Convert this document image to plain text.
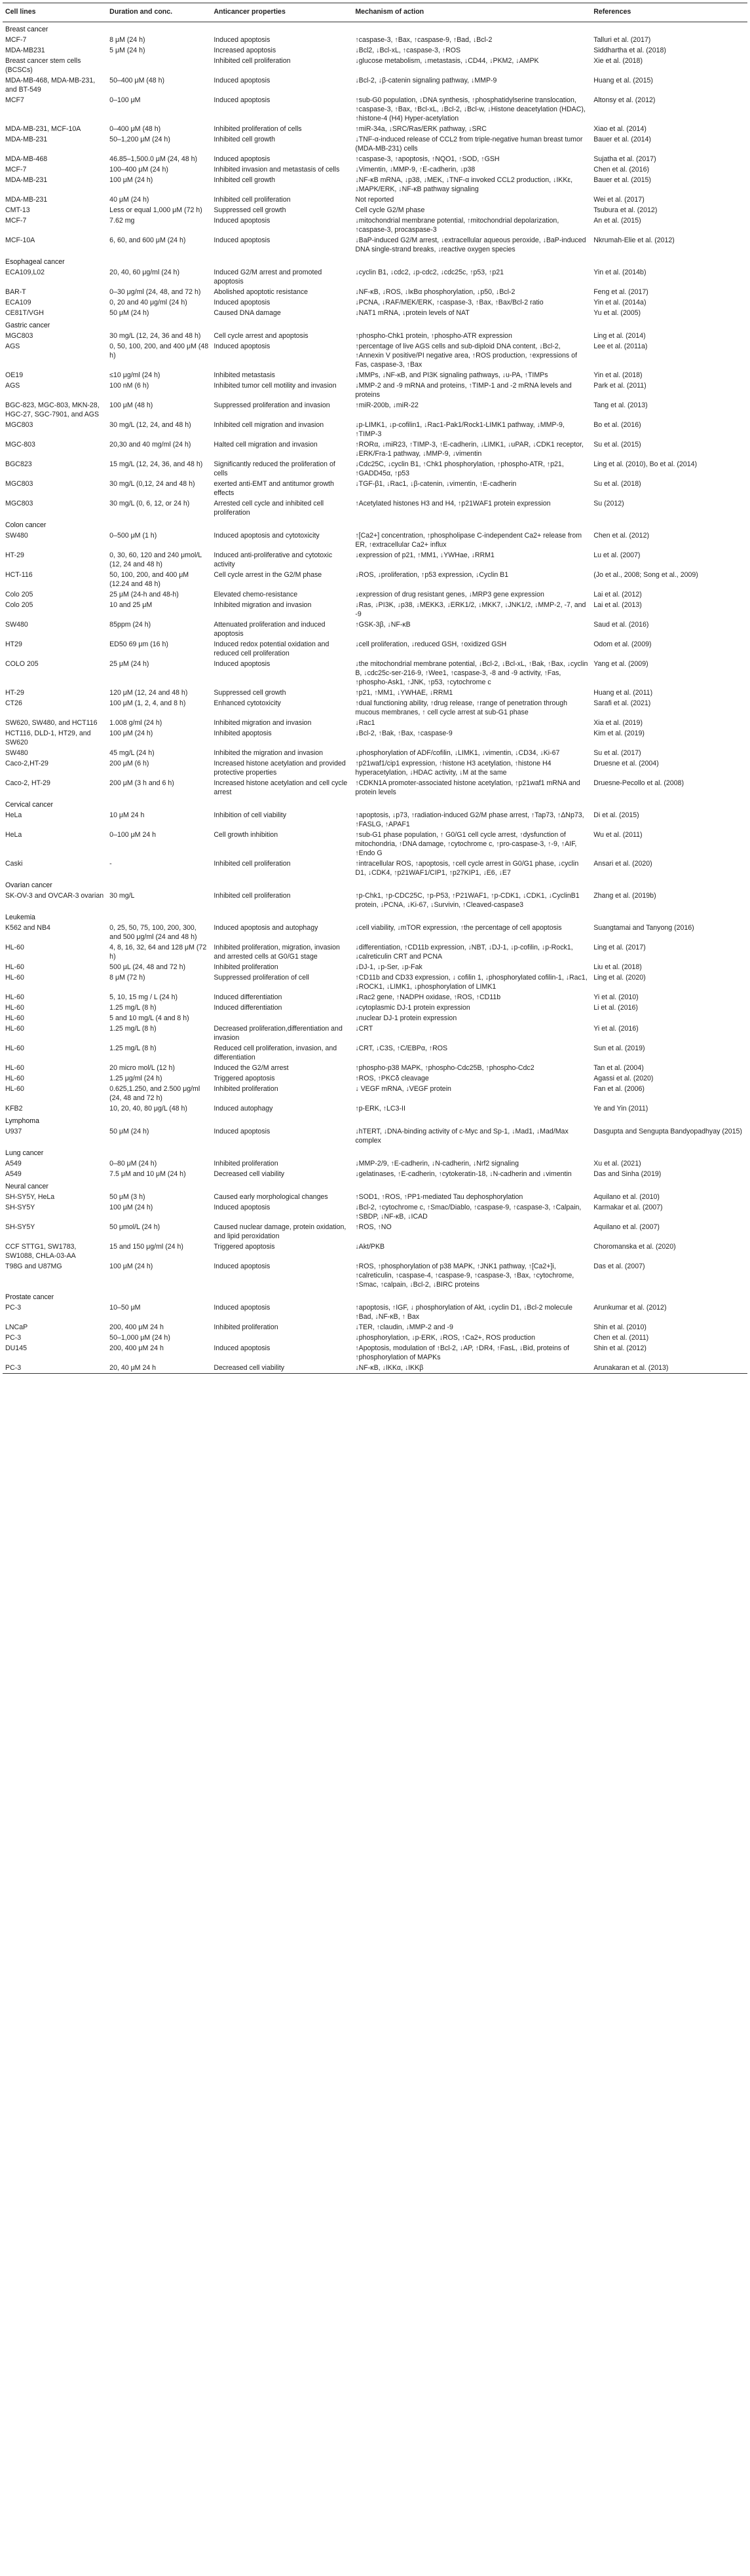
Cell lines	Duration and conc.	Anticancer properties	Mechanism of action	References
Breast cancer				
MCF-7	8 μM (24 h)	Induced apoptosis	↑caspase-3, ↑Bax, ↑caspase-9, ↑Bad, ↓Bcl-2	Talluri et al. (2017)
MDA-MB231	5 μM (24 h)	Increased apoptosis	↓Bcl2, ↓Bcl-xL, ↑caspase-3, ↑ROS	Siddhartha et al. (2018)
Breast cancer stem cells (BCSCs)		Inhibited cell proliferation	↓glucose metabolism, ↓metastasis, ↓CD44, ↓PKM2, ↓AMPK	Xie et al. (2018)
MDA-MB-468, MDA-MB-231, and BT-549	50–400 μM (48 h)	Induced apoptosis	↓Bcl-2, ↓β-catenin signaling pathway, ↓MMP-9	Huang et al. (2015)
MCF7	0–100 μM	Induced apoptosis	↑sub-G0 population, ↓DNA synthesis, ↑phosphatidylserine translocation, ↑caspase-3, ↑Bax, ↑Bcl-xL, ↓Bcl-2, ↓Bcl-w, ↓Histone deacetylation (HDAC), ↑histone-4 (H4) Hyper-acetylation	Altonsy et al. (2012)
MDA-MB-231, MCF-10A	0–400 μM (48 h)	Inhibited proliferation of cells	↑miR-34a, ↓SRC/Ras/ERK pathway, ↓SRC	Xiao et al. (2014)
MDA-MB-231	50–1,200 μM (24 h)	Inhibited cell growth	↓TNF-α-induced release of CCL2 from triple-negative human breast tumor (MDA-MB-231) cells	Bauer et al. (2014)
MDA-MB-468	46.85–1,500.0 μM (24, 48 h)	Induced apoptosis	↑caspase-3, ↑apoptosis, ↑NQO1, ↑SOD, ↑GSH	Sujatha et al. (2017)
MCF-7	100–400 μM (24 h)	Inhibited invasion and metastasis of cells	↓Vimentin, ↓MMP-9, ↑E-cadherin, ↓p38	Chen et al. (2016)
MDA-MB-231	100 μM (24 h)	Inhibited cell growth	↓NF-κB mRNA, ↓p38, ↓MEK, ↓TNF-α invoked CCL2 production, ↓IKKε, ↓MAPK/ERK, ↓NF-κB pathway signaling	Bauer et al. (2015)
MDA-MB-231	40 μM (24 h)	Inhibited cell proliferation	Not reported	Wei et al. (2017)
CMT-13	Less or equal 1,000 μM (72 h)	Suppressed cell growth	Cell cycle G2/M phase	Tsubura et al. (2012)
MCF-7	7.62 mg	Induced apoptosis	↓mitochondrial membrane potential, ↑mitochondrial depolarization, ↑caspase-3, procaspase-3	An et al. (2015)
MCF-10A	6, 60, and 600 μM (24 h)	Induced apoptosis	↓BaP-induced G2/M arrest, ↓extracellular aqueous peroxide, ↓BaP-induced DNA single-strand breaks, ↓reactive oxygen species	Nkrumah-Elie et al. (2012)
Esophageal cancer				
ECA109,L02	20, 40, 60 μg/ml (24 h)	Induced G2/M arrest and promoted apoptosis	↓cyclin B1, ↓cdc2, ↓p-cdc2, ↓cdc25c, ↑p53, ↑p21	Yin et al. (2014b)
BAR-T	0–30 μg/ml (24, 48, and 72 h)	Abolished apoptotic resistance	↓NF-κB, ↓ROS, ↓IκBα phosphorylation, ↓p50, ↓Bcl-2	Feng et al. (2017)
ECA109	0, 20 and 40 μg/ml (24 h)	Induced apoptosis	↓PCNA, ↓RAF/MEK/ERK, ↑caspase-3, ↑Bax, ↑Bax/Bcl-2 ratio	Yin et al. (2014a)
CE81T/VGH	50 μM (24 h)	Caused DNA damage	↓NAT1 mRNA, ↓protein levels of NAT	Yu et al. (2005)
Gastric cancer				
MGC803	30 mg/L (12, 24, 36 and 48 h)	Cell cycle arrest and apoptosis	↑phospho-Chk1 protein, ↑phospho-ATR expression	Ling et al. (2014)
AGS	0, 50, 100, 200, and 400 μM (48 h)	Induced apoptosis	↑percentage of live AGS cells and sub-diploid DNA content, ↓Bcl-2, ↑Annexin V positive/PI negative area, ↑ROS production, ↑expressions of Fas, caspase-3, ↑Bax	Lee et al. (2011a)
OE19	≤10 μg/ml (24 h)	Inhibited metastasis	↓MMPs, ↓NF-κB, and PI3K signaling pathways, ↓u-PA, ↑TIMPs	Yin et al. (2018)
AGS	100 nM (6 h)	Inhibited tumor cell motility and invasion	↓MMP-2 and -9 mRNA and proteins, ↑TIMP-1 and -2 mRNA levels and proteins	Park et al. (2011)
BGC-823, MGC-803, MKN-28, HGC-27, SGC-7901, and AGS	100 μM (48 h)	Suppressed proliferation and invasion	↑miR-200b, ↓miR-22	Tang et al. (2013)
MGC803	30 mg/L (12, 24, and 48 h)	Inhibited cell migration and invasion	↓p-LIMK1, ↓p-cofilin1, ↓Rac1-Pak1/Rock1-LIMK1 pathway, ↓MMP-9, ↑TIMP-3	Bo et al. (2016)
MGC-803	20,30 and 40 mg/ml (24 h)	Halted cell migration and invasion	↑RORα, ↓miR23, ↑TIMP-3, ↑E-cadherin, ↓LIMK1, ↓uPAR, ↓CDK1 receptor, ↓ERK/Fra-1 pathway, ↓MMP-9, ↓vimentin	Su et al. (2015)
BGC823	15 mg/L (12, 24, 36, and 48 h)	Significantly reduced the proliferation of cells	↓Cdc25C, ↓cyclin B1, ↑Chk1 phosphorylation, ↑phospho-ATR, ↑p21, ↑GADD45α, ↑p53	Ling et al. (2010), Bo et al. (2014)
MGC803	30 mg/L (0,12, 24 and 48 h)	exerted anti-EMT and antitumor growth effects	↓TGF-β1, ↓Rac1, ↓β-catenin, ↓vimentin, ↑E-cadherin	Su et al. (2018)
MGC803	30 mg/L (0, 6, 12, or 24 h)	Arrested cell cycle and inhibited cell proliferation	↑Acetylated histones H3 and H4, ↑p21WAF1 protein expression	Su (2012)
Colon cancer				
SW480	0–500 μM (1 h)	Induced apoptosis and cytotoxicity	↑[Ca2+] concentration, ↑phospholipase C-independent Ca2+ release from ER, ↑extracellular Ca2+ influx	Chen et al. (2012)
HT-29	0, 30, 60, 120 and 240 μmol/L (12, 24 and 48 h)	Induced anti-proliferative and cytotoxic activity	↓expression of p21, ↑MM1, ↓YWHae, ↓RRM1	Lu et al. (2007)
HCT-116	50, 100, 200, and 400 μM (12.24 and 48 h)	Cell cycle arrest in the G2/M phase	↓ROS, ↓proliferation, ↑p53 expression, ↓Cyclin B1	(Jo et al., 2008; Song et al., 2009)
Colo 205	25 μM (24-h and 48-h)	Elevated chemo-resistance	↓expression of drug resistant genes, ↓MRP3 gene expression	Lai et al. (2012)
Colo 205	10 and 25 μM	Inhibited migration and invasion	↓Ras, ↓PI3K, ↓p38, ↓MEKK3, ↓ERK1/2, ↓MKK7, ↓JNK1/2, ↓MMP-2, -7, and -9	Lai et al. (2013)
SW480	85ppm (24 h)	Attenuated proliferation and induced apoptosis	↑GSK-3β, ↓NF-κB	Saud et al. (2016)
HT29	ED50 69 μm (16 h)	Induced redox potential oxidation and reduced cell proliferation	↓cell proliferation, ↓reduced GSH, ↑oxidized GSH	Odom et al. (2009)
COLO 205	25 μM (24 h)	Induced apoptosis	↓the mitochondrial membrane potential, ↓Bcl-2, ↓Bcl-xL, ↑Bak, ↑Bax, ↓cyclin B, ↓cdc25c-ser-216-9, ↑Wee1, ↑caspase-3, -8 and -9 activity, ↑Fas, ↑phospho-Ask1, ↑JNK, ↑p53, ↑cytochrome c	Yang et al. (2009)
HT-29	120 μM (12, 24 and 48 h)	Suppressed cell growth	↑p21, ↑MM1, ↓YWHAE, ↓RRM1	Huang et al. (2011)
CT26	100 μM (1, 2, 4, and 8 h)	Enhanced cytotoxicity	↑dual functioning ability, ↑drug release, ↑range of penetration through mucous membranes, ↑ cell cycle arrest at sub-G1 phase	Sarafi et al. (2021)
SW620, SW480, and HCT116	1.008 g/ml (24 h)	Inhibited migration and invasion	↓Rac1	Xia et al. (2019)
HCT116, DLD-1, HT29, and SW620	100 μM (24 h)	Inhibited apoptosis	↓Bcl-2, ↑Bak, ↑Bax, ↑caspase-9	Kim et al. (2019)
SW480	45 mg/L (24 h)	Inhibited the migration and invasion	↓phosphorylation of ADF/cofilin, ↓LIMK1, ↓vimentin, ↓CD34, ↓Ki-67	Su et al. (2017)
Caco-2,HT-29	200 μM (6 h)	Increased histone acetylation and provided protective properties	↑p21waf1/cip1 expression, ↑histone H3 acetylation, ↑histone H4 hyperacetylation, ↓HDAC activity, ↓M at the same	Druesne et al. (2004)
Caco-2, HT-29	200 μM (3 h and 6 h)	Increased histone acetylation and cell cycle arrest	↑CDKN1A promoter-associated histone acetylation, ↑p21waf1 mRNA and protein levels	Druesne-Pecollo et al. (2008)
Cervical cancer				
HeLa	10 μM 24 h	Inhibition of cell viability	↑apoptosis, ↓p73, ↑radiation-induced G2/M phase arrest, ↑Tap73, ↑ΔNp73, ↑FASLG, ↑APAF1	Di et al. (2015)
HeLa	0–100 μM 24 h	Cell growth inhibition	↑sub-G1 phase population, ↑ G0/G1 cell cycle arrest, ↑dysfunction of mitochondria, ↑DNA damage, ↑cytochrome c, ↑pro-caspase-3, ↑-9, ↑AIF, ↑Endo G	Wu et al. (2011)
Caski	-	Inhibited cell proliferation	↑intracellular ROS, ↑apoptosis, ↑cell cycle arrest in G0/G1 phase, ↓cyclin D1, ↓CDK4, ↑p21WAF1/CIP1, ↑p27KIP1, ↓E6, ↓E7	Ansari et al. (2020)
Ovarian cancer				
SK-OV-3 and OVCAR-3 ovarian	30 mg/L	Inhibited cell proliferation	↑p-Chk1, ↑p-CDC25C, ↑p-P53, ↑P21WAF1, ↑p-CDK1, ↓CDK1, ↓CyclinB1 protein, ↓PCNA, ↓Ki-67, ↓Survivin, ↑Cleaved-caspase3	Zhang et al. (2019b)
Leukemia				
K562 and NB4	0, 25, 50, 75, 100, 200, 300, and 500 μg/ml (24 and 48 h)	Induced apoptosis and autophagy	↓cell viability, ↓mTOR expression, ↑the percentage of cell apoptosis	Suangtamai and Tanyong (2016)
HL-60	4, 8, 16, 32, 64 and 128 μM (72 h)	Inhibited proliferation, migration, invasion and arrested cells at G0/G1 stage	↓differentiation, ↑CD11b expression, ↓NBT, ↓DJ-1, ↓p-cofilin, ↓p-Rock1, ↓calreticulin CRT and PCNA	Ling et al. (2017)
HL-60	500 μL (24, 48 and 72 h)	Inhibited proliferation	↓DJ-1, ↓p-Ser, ↓p-Fak	Liu et al. (2018)
HL-60	8 μM (72 h)	Suppressed proliferation of cell	↑CD11b and CD33 expression, ↓ cofilin 1, ↓phosphorylated cofilin-1, ↓Rac1, ↓ROCK1, ↓LIMK1, ↓phosphorylation of LIMK1	Ling et al. (2020)
HL-60	5, 10, 15 mg / L (24 h)	Induced differentiation	↓Rac2 gene, ↑NADPH oxidase, ↑ROS, ↑CD11b	Yi et al. (2010)
HL-60	1.25 mg/L (8 h)	Induced differentiation	↓cytoplasmic DJ-1 protein expression	Li et al. (2016)
HL-60	5 and 10 mg/L (4 and 8 h)		↓nuclear DJ-1 protein expression	
HL-60	1.25 mg/L (8 h)	Decreased proliferation,differentiation and invasion	↓CRT	Yi et al. (2016)
HL-60	1.25 mg/L (8 h)	Reduced cell proliferation, invasion, and differentiation	↓CRT, ↓C3S, ↑C/EBPα, ↑ROS	Sun et al. (2019)
HL-60	20 micro mol/L (12 h)	Induced the G2/M arrest	↑phospho-p38 MAPK, ↑phospho-Cdc25B, ↑phospho-Cdc2	Tan et al. (2004)
HL-60	1.25 μg/ml (24 h)	Triggered apoptosis	↑ROS, ↑PKCδ cleavage	Agassi et al. (2020)
HL-60	0.625,1.250, and 2.500 μg/ml (24, 48 and 72 h)	Inhibited proliferation	↓ VEGF mRNA, ↓VEGF protein	Fan et al. (2006)
KFB2	10, 20, 40, 80 μg/L (48 h)	Induced autophagy	↑p-ERK, ↑LC3-II	Ye and Yin (2011)
Lymphoma				
U937	50 μM (24 h)	Induced apoptosis	↓hTERT, ↓DNA-binding activity of c-Myc and Sp-1, ↓Mad1, ↓Mad/Max complex	Dasgupta and Sengupta Bandyopadhyay (2015)
Lung cancer				
A549	0–80 μM (24 h)	Inhibited proliferation	↓MMP-2/9, ↑E-cadherin, ↓N-cadherin, ↓Nrf2 signaling	Xu et al. (2021)
A549	7.5 μM and 10 μM (24 h)	Decreased cell viability	↓gelatinases, ↑E-cadherin, ↑cytokeratin-18, ↓N-cadherin and ↓vimentin	Das and Sinha (2019)
Neural cancer				
SH-SY5Y, HeLa	50 μM (3 h)	Caused early morphological changes	↑SOD1, ↑ROS, ↑PP1-mediated Tau dephosphorylation	Aquilano et al. (2010)
SH-SY5Y	100 μM (24 h)	Induced apoptosis	↓Bcl-2, ↑cytochrome c, ↑Smac/Diablo, ↑caspase-9, ↑caspase-3, ↑Calpain, ↑SBDP, ↓NF-κB, ↓ICAD	Karmakar et al. (2007)
SH-SY5Y	50 μmol/L (24 h)	Caused nuclear damage, protein oxidation, and lipid peroxidation	↑ROS, ↑NO	Aquilano et al. (2007)
CCF STTG1, SW1783, SW1088, CHLA-03-AA	15 and 150 μg/ml (24 h)	Triggered apoptosis	↓Akt/PKB	Choromanska et al. (2020)
T98G and U87MG	100 μM (24 h)	Induced apoptosis	↑ROS, ↑phosphorylation of p38 MAPK, ↑JNK1 pathway, ↑[Ca2+]i, ↑calreticulin, ↑caspase-4, ↑caspase-9, ↑caspase-3, ↑Bax, ↑cytochrome, ↑Smac, ↑calpain, ↓Bcl-2, ↓BIRC proteins	Das et al. (2007)
Prostate cancer				
PC-3	10–50 μM	Induced apoptosis	↑apoptosis, ↑IGF, ↓ phosphorylation of Akt, ↓cyclin D1, ↓Bcl-2 molecule ↑Bad, ↓NF-κB, ↑ Bax	Arunkumar et al. (2012)
LNCaP	200, 400 μM 24 h	Inhibited proliferation	↓TER, ↑claudin, ↓MMP-2 and -9	Shin et al. (2010)
PC-3	50–1,000 μM (24 h)		↓phosphorylation, ↓p-ERK, ↓ROS, ↑Ca2+, ROS production	Chen et al. (2011)
DU145	200, 400 μM 24 h	Induced apoptosis	↑Apoptosis, modulation of ↑Bcl-2, ↓AP, ↑DR4, ↑FasL, ↓Bid, proteins of ↑phosphorylation of MAPKs	Shin et al. (2012)
PC-3	20, 40 μM 24 h	Decreased cell viability	↓NF-κB, ↓IKKα, ↓IKKβ	Arunakaran et al. (2013)
